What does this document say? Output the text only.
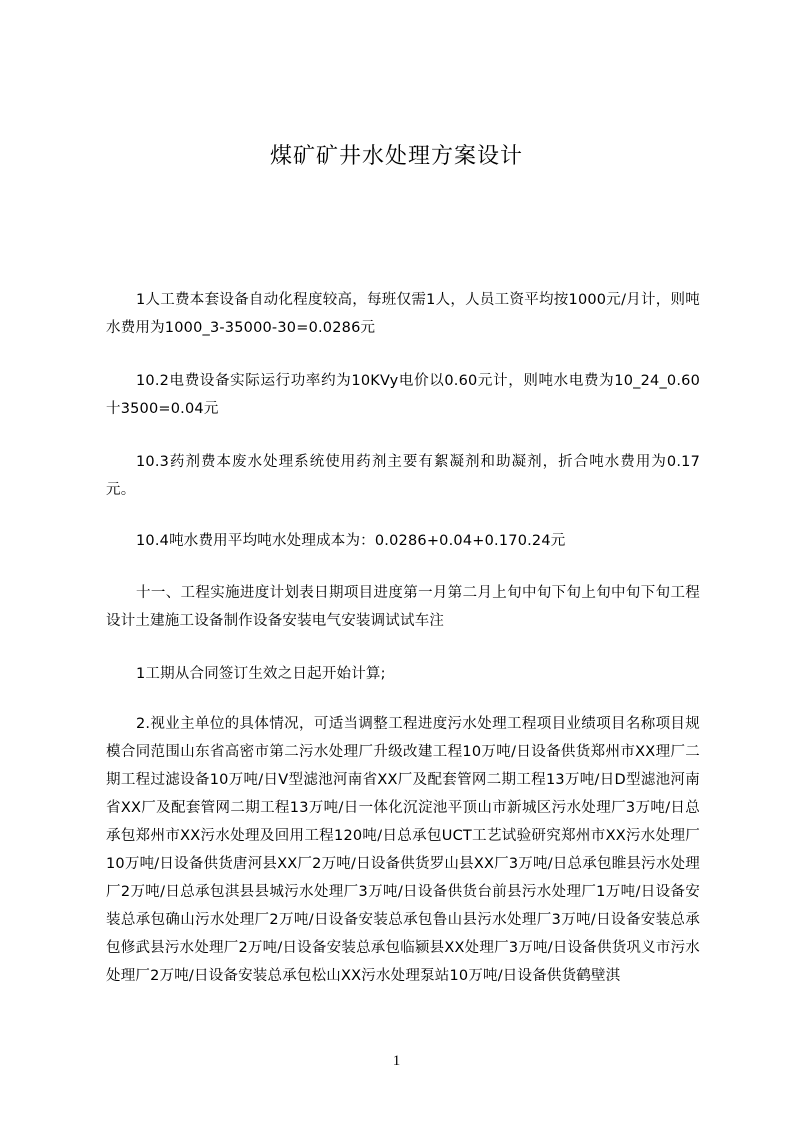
煤矿矿井水处理方案设计
1人工费本套设备自动化程度较高，每班仅需1人，人员工资平均按1000元/月计，则吨水费用为1000_3-35000-30=0.0286元
10.2电费设备实际运行功率约为10KVy电价以0.60元计，则吨水电费为10_24_0.60十3500=0.04元
10.3药剂费本废水处理系统使用药剂主要有絮凝剂和助凝剂，折合吨水费用为0.17元。
10.4吨水费用平均吨水处理成本为：0.0286+0.04+0.170.24元
十一、工程实施进度计划表日期项目进度第一月第二月上旬中旬下旬上旬中旬下旬工程设计土建施工设备制作设备安装电气安装调试试车注
1工期从合同签订生效之日起开始计算;
2.视业主单位的具体情况，可适当调整工程进度污水处理工程项目业绩项目名称项目规模合同范围山东省高密市第二污水处理厂升级改建工程10万吨/日设备供货郑州市XX理厂二期工程过滤设备10万吨/日V型滤池河南省XX厂及配套管网二期工程13万吨/日D型滤池河南省XX厂及配套管网二期工程13万吨/日一体化沉淀池平顶山市新城区污水处理厂3万吨/日总承包郑州市XX污水处理及回用工程120吨/日总承包UCT工艺试验研究郑州市XX污水处理厂10万吨/日设备供货唐河县XX厂2万吨/日设备供货罗山县XX厂3万吨/日总承包睢县污水处理厂2万吨/日总承包淇县县城污水处理厂3万吨/日设备供货台前县污水处理厂1万吨/日设备安装总承包确山污水处理厂2万吨/日设备安装总承包鲁山县污水处理厂3万吨/日设备安装总承包修武县污水处理厂2万吨/日设备安装总承包临颍县XX处理厂3万吨/日设备供货巩义市污水处理厂2万吨/日设备安装总承包松山XX污水处理泵站10万吨/日设备供货鹤壁淇
1
